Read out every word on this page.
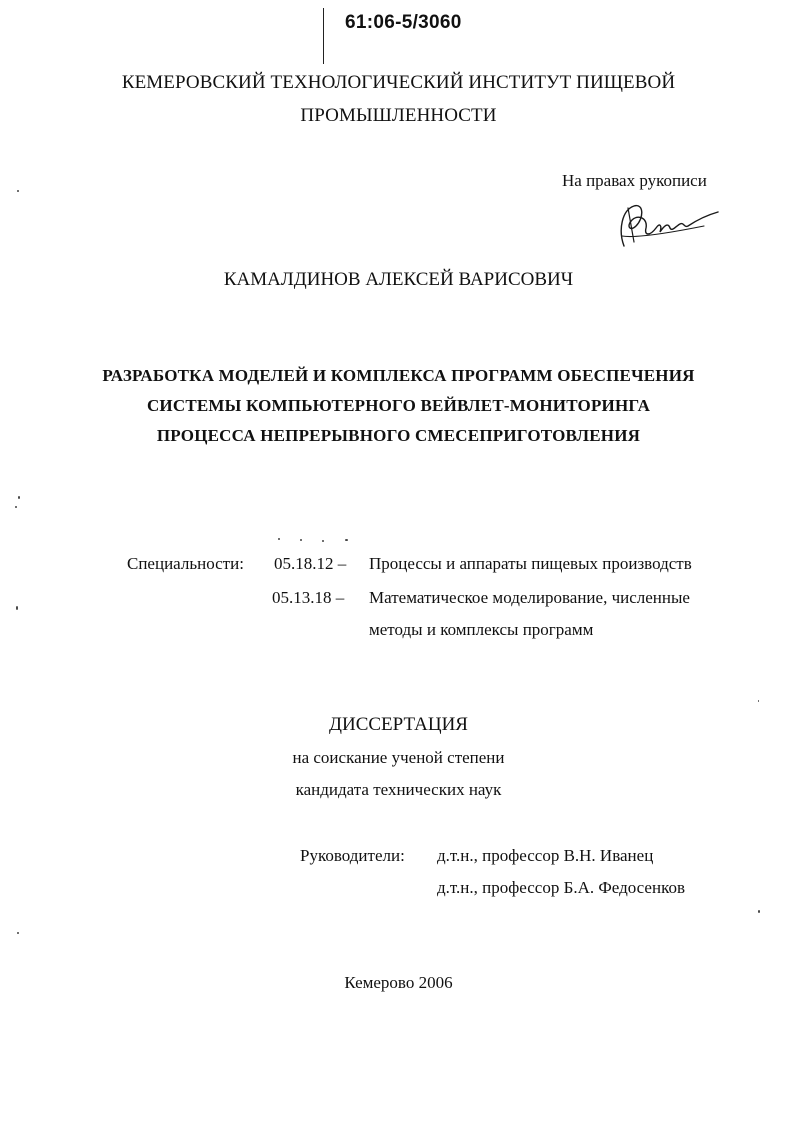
61:06-5/3060
КЕМЕРОВСКИЙ ТЕХНОЛОГИЧЕСКИЙ ИНСТИТУТ ПИЩЕВОЙ
ПРОМЫШЛЕННОСТИ
На правах рукописи
КАМАЛДИНОВ АЛЕКСЕЙ ВАРИСОВИЧ
РАЗРАБОТКА МОДЕЛЕЙ И КОМПЛЕКСА ПРОГРАММ ОБЕСПЕЧЕНИЯ
СИСТЕМЫ КОМПЬЮТЕРНОГО ВЕЙВЛЕТ-МОНИТОРИНГА
ПРОЦЕССА НЕПРЕРЫВНОГО СМЕСЕПРИГОТОВЛЕНИЯ
Специальности: 05.18.12 – Процессы и аппараты пищевых производств
05.13.18 – Математическое моделирование, численные
методы и комплексы программ
ДИССЕРТАЦИЯ
на соискание ученой степени
кандидата технических наук
Руководители: д.т.н., профессор В.Н. Иванец
д.т.н., профессор Б.А. Федосенков
Кемерово 2006
